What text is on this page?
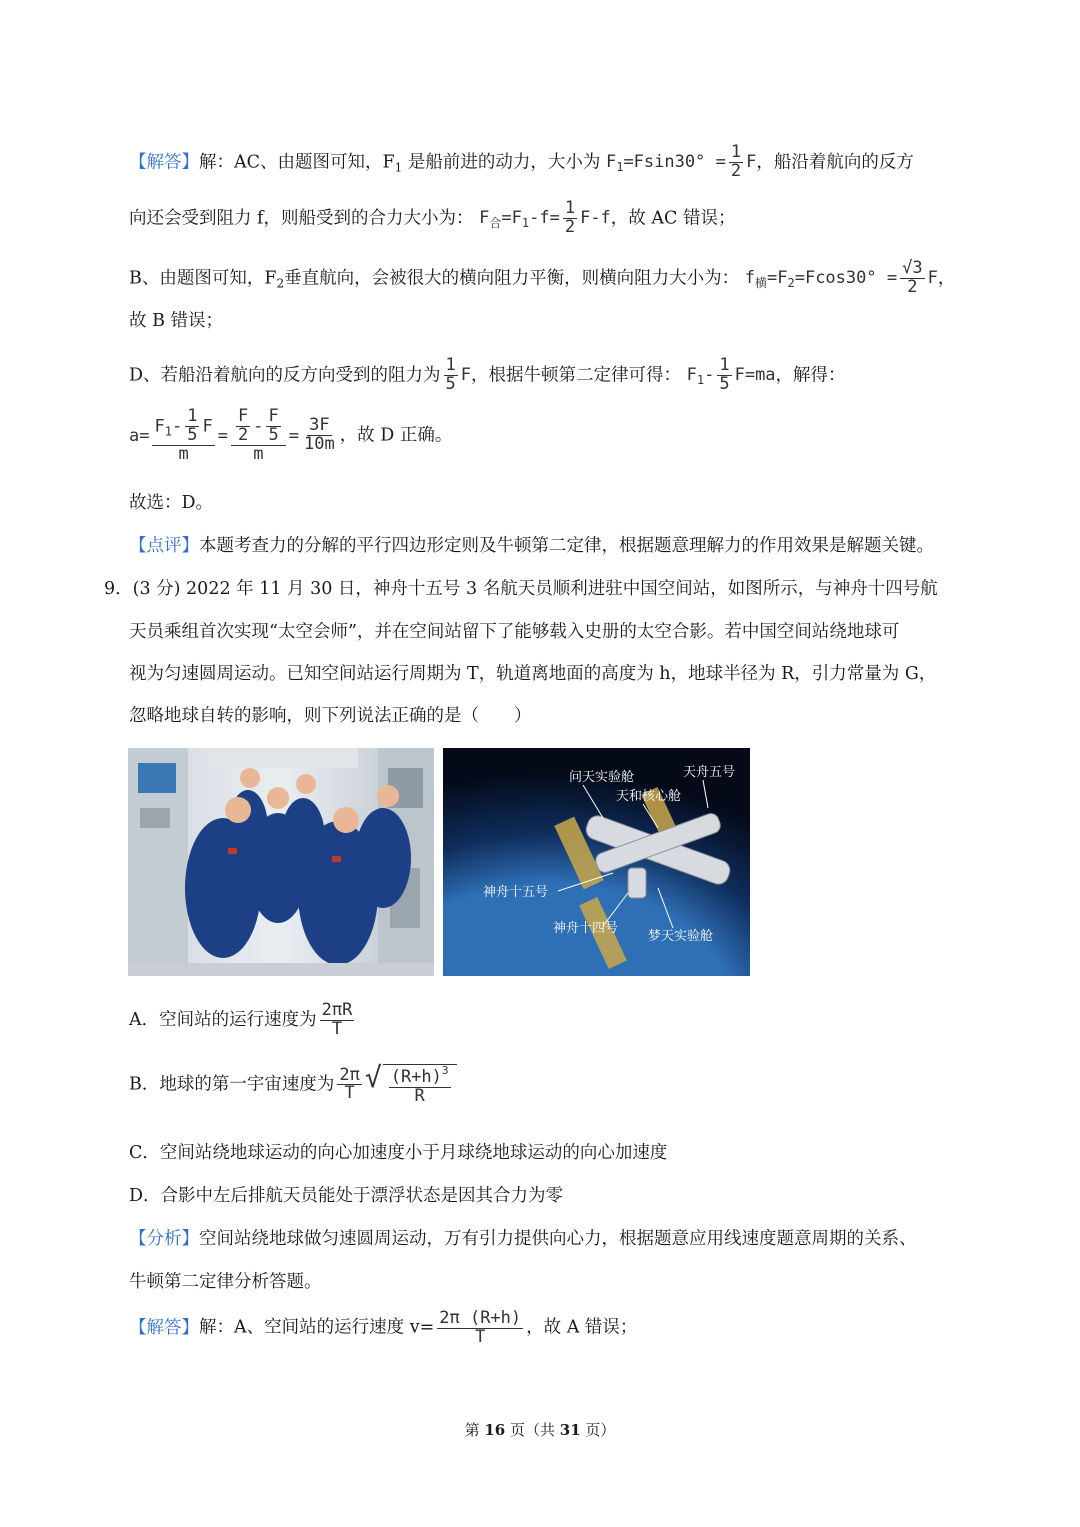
【解答】解：AC、由题图可知，$F_1$ 是船前进的动力，大小为 $F_1=Fsin30^\circ = \frac{1}{2}$ F，船沿着航向的反方
向还会受到阻力 f，则船受到的合力大小为： $F_合=F_1-f= \frac{1}{2} F-f$，故 AC 错误；
B、由题图可知，$F_2$垂直航向，会被很大的横向阻力平衡，则横向阻力大小为： $f_横=F_2=Fcos30^\circ = \frac{√3}{2}$ F，
故 B 错误；
D、若船沿着航向的反方向受到的阻力为 $\frac{1}{5}$ F，根据牛顿第二定律可得： $F_1- \frac{1}{5} F=ma$，解得：
$a= \frac{F_1- \frac{1}{5} F}{m} = \frac{\frac{F}{2} - \frac{F}{5}}{m} = \frac{3F}{10m}$ ，故 D 正确。
故选：D。
【点评】本题考查力的分解的平行四边形定则及牛顿第二定律，根据题意理解力的作用效果是解题关键。
9．(3 分) 2022 年 11 月 30 日，神舟十五号 3 名航天员顺利进驻中国空间站，如图所示，与神舟十四号航
天员乘组首次实现“太空会师”，并在空间站留下了能够载入史册的太空合影。若中国空间站绕地球可
视为匀速圆周运动。已知空间站运行周期为 T，轨道离地面的高度为 h，地球半径为 R，引力常量为 G，
忽略地球自转的影响，则下列说法正确的是（　　）
问天实验舱	天舟五号
天和核心舱
神舟十五号
神舟十四号
梦天实验舱
A．空间站的运行速度为 $\frac{2\pi R}{T}$
B．地球的第一宇宙速度为 $\frac{2\pi}{T}$ √ $\frac{(R+h)^3}{R}$
C．空间站绕地球运动的向心加速度小于月球绕地球运动的向心加速度
D．合影中左后排航天员能处于漂浮状态是因其合力为零
【分析】空间站绕地球做匀速圆周运动，万有引力提供向心力，根据题意应用线速度题意周期的关系、
牛顿第二定律分析答题。
【解答】解：A、空间站的运行速度 $v= \frac{2\pi (R+h)}{T}$ ，故 A 错误；
第 16 页（共 31 页）
